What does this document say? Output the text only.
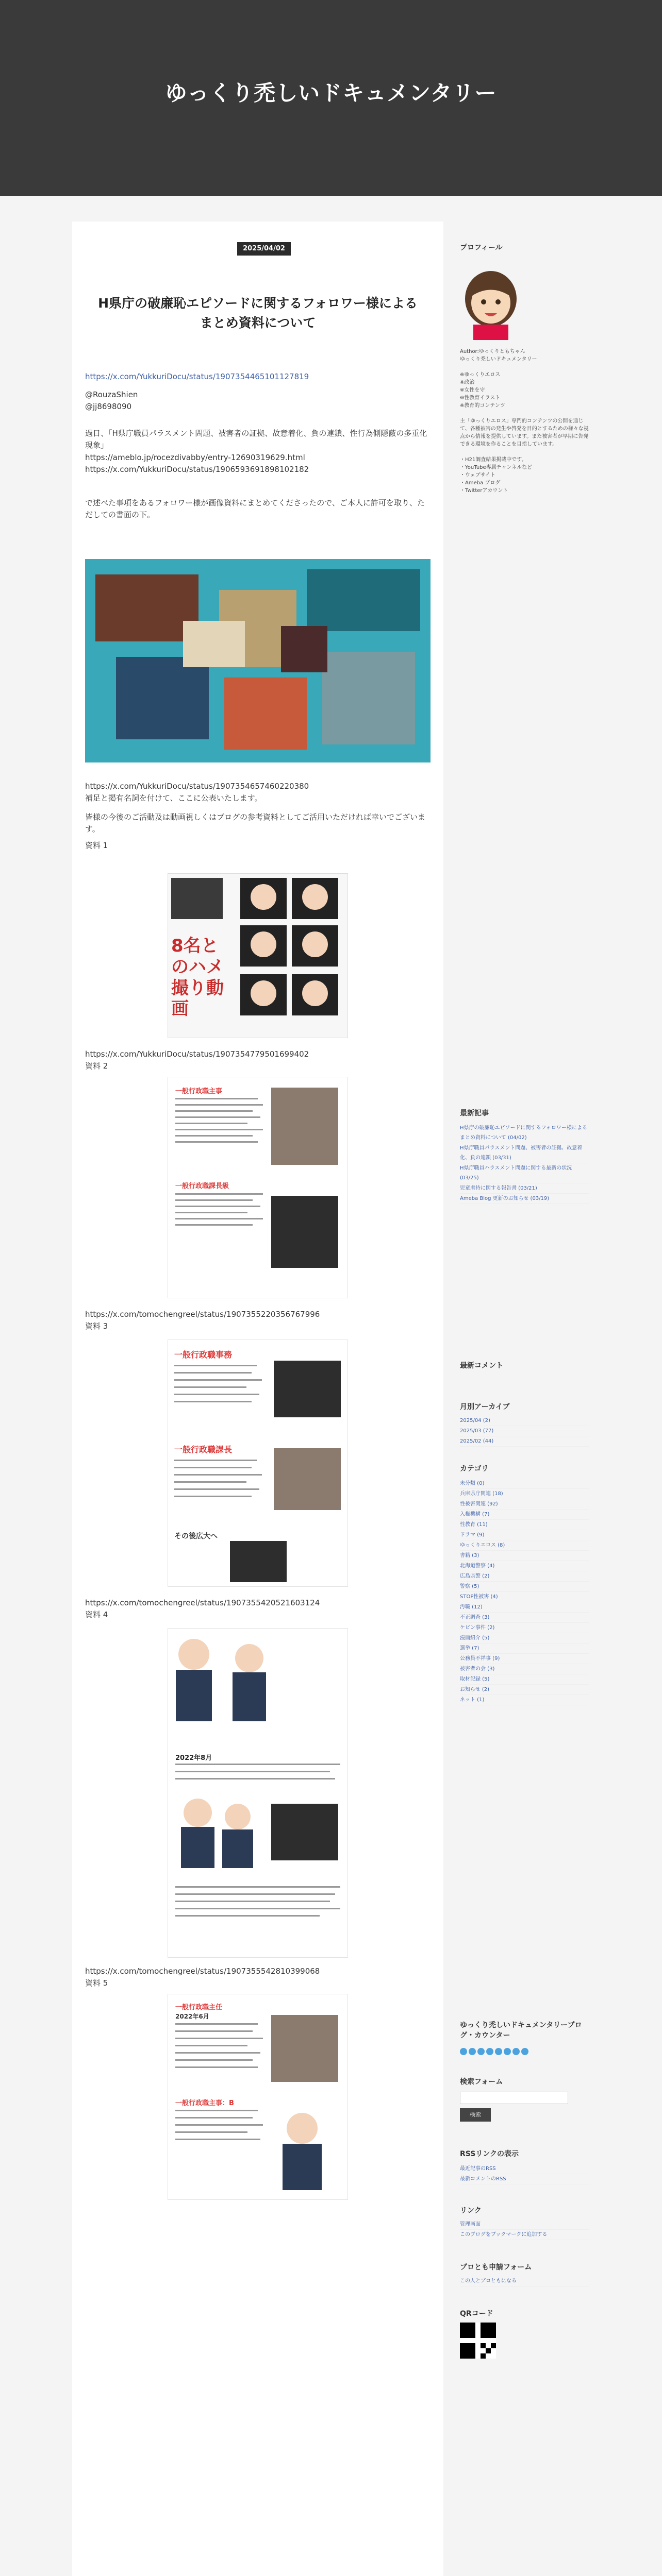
ゆっくり禿しいドキュメンタリー
2025/04/02
H県庁の破廉恥エピソードに関するフォロワー様によるまとめ資料について
https://x.com/YukkuriDocu/status/1907354465101127819
@RouzaShien
@jj8698090
過日、「H県庁職員パラスメント問題、被害者の証拠、故意着化、負の連鎖、性行為側隠蔽の多重化現象」
https://ameblo.jp/rocezdivabby/entry-12690319629.html
https://x.com/YukkuriDocu/status/1906593691898102182
で述べた事項をあるフォロワー様が画像資料にまとめてくださったので、ご本人に許可を取り、ただしての書面の下。
https://x.com/YukkuriDocu/status/1907354657460220380
補足と掲有名詞を付けて、ここに公表いたします。
皆様の今後のご活動及は動画視しくはブログの参考資料としてご活用いただければ幸いでございます。
資料 1
8名とのハメ撮り動画
https://x.com/YukkuriDocu/status/1907354779501699402
資料 2
一般行政職主事
一般行政職課長級
https://x.com/tomochengreel/status/1907355220356767996
資料 3
一般行政職事務
一般行政職課長
その後広大へ
https://x.com/tomochengreel/status/1907355420521603124
資料 4
2022年8月
https://x.com/tomochengreel/status/1907355542810399068
資料 5
一般行政職主任
2022年6月
一般行政職主事：B
プロフィール
Author:ゆっくりともちゃん
ゆっくり禿しいドキュメンタリー

※ゆっくりエロス
※政治
※女性を守
※性教育イラスト
※教育的コンテンツ

主「ゆっくりエロス」専門的コンテンツの公開を通じて、各種被害の発生や啓発を目的とするための様々な視点から情報を提供しています。また被害者が早期に告発できる環境を作ることを目指しています。

・H21調査結果掲載中です。
・YouTube専属チャンネルなど
・ウェブサイト
・Ameba ブログ
・Twitterアカウント
最新記事
H県庁の破廉恥エピソードに関するフォロワー様によるまとめ資料について (04/02)
H県庁職員パラスメント問題、被害者の証拠、故意着化、負の連鎖 (03/31)
H県庁職員ハラスメント問題に関する最新の状況 (03/25)
児童虐待に関する報告書 (03/21)
Ameba Blog 更新のお知らせ (03/19)
最新コメント
月別アーカイブ
2025/04 (2)
2025/03 (77)
2025/02 (44)
カテゴリ
未分類 (0)
兵庫県庁関連 (18)
性被害関連 (92)
入権機構 (7)
性教育 (11)
ドラマ (9)
ゆっくりエロス (8)
書籍 (3)
北海道警察 (4)
広島県警 (2)
警察 (5)
STOP性被害 (4)
汚職 (12)
不正調査 (3)
ケビン事件 (2)
漫画紹介 (5)
選挙 (7)
公務員不祥事 (9)
被害者の会 (3)
取材記録 (5)
お知らせ (2)
ネット (1)
ゆっくり禿しいドキュメンタリーブログ・カウンター
検索フォーム
検索
RSSリンクの表示
最近記事のRSS
最新コメントのRSS
リンク
管理画面
このブログをブックマークに追加する
ブロとも申請フォーム
この人とブロともになる
QRコード
